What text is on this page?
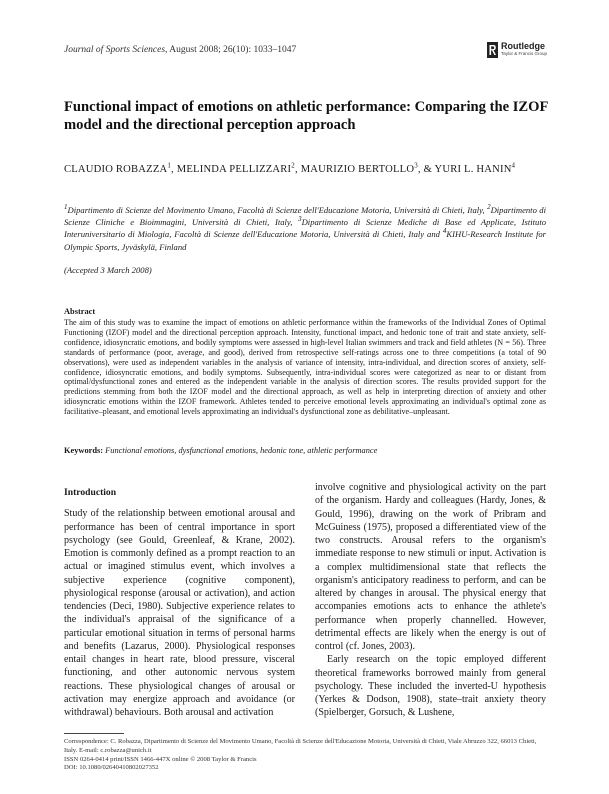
Journal of Sports Sciences, August 2008; 26(10): 1033–1047	Routledge
Taylor & Francis Group
Functional impact of emotions on athletic performance: Comparing the IZOF model and the directional perception approach
CLAUDIO ROBAZZA$^1$, MELINDA PELLIZZARI$^2$, MAURIZIO BERTOLLO$^3$, & YURI L. HANIN$^4$
$^1$Dipartimento di Scienze del Movimento Umano, Facoltà di Scienze dell'Educazione Motoria, Università di Chieti, Italy, $^2$Dipartimento di Scienze Cliniche e Bioimmagini, Università di Chieti, Italy, $^3$Dipartimento di Scienze Mediche di Base ed Applicate, Istituto Interuniversitario di Miologia, Facoltà di Scienze dell'Educazione Motoria, Università di Chieti, Italy and $^4$KIHU-Research Institute for Olympic Sports, Jyväskylä, Finland
(Accepted 3 March 2008)
Abstract
The aim of this study was to examine the impact of emotions on athletic performance within the frameworks of the Individual Zones of Optimal Functioning (IZOF) model and the directional perception approach. Intensity, functional impact, and hedonic tone of trait and state anxiety, self-confidence, idiosyncratic emotions, and bodily symptoms were assessed in high-level Italian swimmers and track and field athletes (N = 56). Three standards of performance (poor, average, and good), derived from retrospective self-ratings across one to three competitions (a total of 90 observations), were used as independent variables in the analysis of variance of intensity, intra-individual, and direction scores of anxiety, self-confidence, idiosyncratic emotions, and bodily symptoms. Subsequently, intra-individual scores were categorized as near to or distant from optimal/dysfunctional zones and entered as the independent variable in the analysis of direction scores. The results provided support for the predictions stemming from both the IZOF model and the directional approach, as well as help in interpreting direction of anxiety and other idiosyncratic emotions within the IZOF framework. Athletes tended to perceive emotional levels approximating an individual's optimal zone as facilitative–pleasant, and emotional levels approximating an individual's dysfunctional zone as debilitative–unpleasant.
Keywords: Functional emotions, dysfunctional emotions, hedonic tone, athletic performance
Introduction

Study of the relationship between emotional arousal and performance has been of central importance in sport psychology (see Gould, Greenleaf, & Krane, 2002). Emotion is commonly defined as a prompt reaction to an actual or imagined stimulus event, which involves a subjective experience (cognitive component), physiological response (arousal or activation), and action tendencies (Deci, 1980). Subjective experience relates to the individual's appraisal of the significance of a particular emotional situation in terms of personal harms and benefits (Lazarus, 2000). Physiological responses entail changes in heart rate, blood pressure, visceral functioning, and other autonomic nervous system reactions. These physiological changes of arousal or activation may energize approach and avoidance (or withdrawal) behaviours. Both arousal and activation

involve cognitive and physiological activity on the part of the organism. Hardy and colleagues (Hardy, Jones, & Gould, 1996), drawing on the work of Pribram and McGuiness (1975), proposed a differentiated view of the two constructs. Arousal refers to the organism's immediate response to new stimuli or input. Activation is a complex multidimensional state that reflects the organism's anticipatory readiness to perform, and can be altered by changes in arousal. The physical energy that accompanies emotions acts to enhance the athlete's performance when properly channelled. However, detrimental effects are likely when the energy is out of control (cf. Jones, 2003).

Early research on the topic employed different theoretical frameworks borrowed mainly from general psychology. These included the inverted-U hypothesis (Yerkes & Dodson, 1908), state–trait anxiety theory (Spielberger, Gorsuch, & Lushene,

Correspondence: C. Robazza, Dipartimento di Scienze del Movimento Umano, Facoltà di Scienze dell'Educazione Motoria, Università di Chieti, Viale Abruzzo 322, 66013 Chieti, Italy. E-mail: c.robazza@unich.it
ISSN 0264-0414 print/ISSN 1466-447X online © 2008 Taylor & Francis
DOI: 10.1080/02640410802027352
